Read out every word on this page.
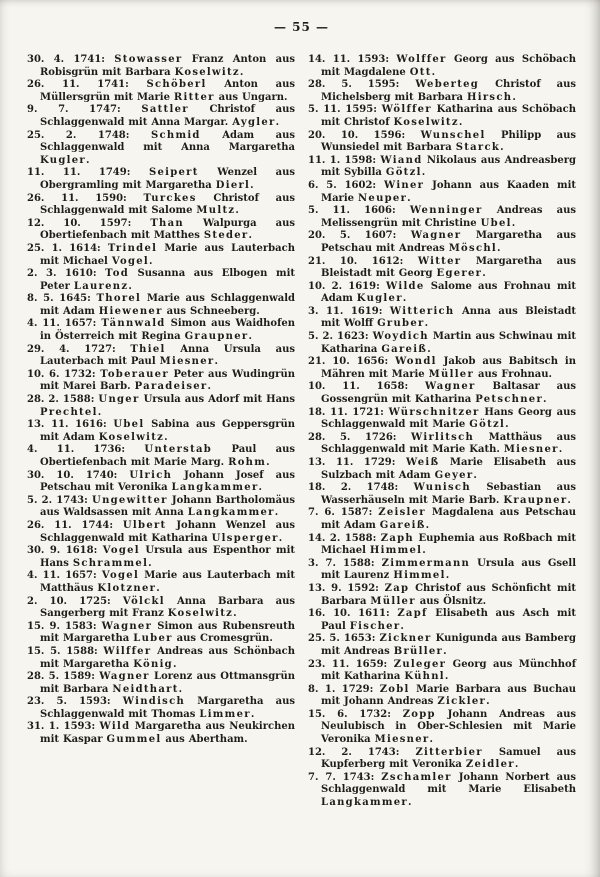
— 55 —

30. 4. 1741: Stowasser Franz Anton aus Robisgrün mit Barbara Koselwitz.

26. 11. 1741: Schöberl Anton aus Müllersgrün mit Marie Ritter aus Ungarn.

9. 7. 1747: Sattler Christof aus Schlaggenwald mit Anna Margar. Aygler.

25. 2. 1748: Schmid Adam aus Schlaggenwald mit Anna Margaretha Kugler.

11. 11. 1749: Seipert Wenzel aus Obergramling mit Margaretha Dierl.

26. 11. 1590: Turckes Christof aus Schlaggenwald mit Salome Multz.

12. 10. 1597: Than Walpurga aus Obertiefenbach mit Matthes Steder.

25. 1. 1614: Trindel Marie aus Lauterbach mit Michael Vogel.

2. 3. 1610: Tod Susanna aus Elbogen mit Peter Laurenz.

8. 5. 1645: Thorel Marie aus Schlaggenwald mit Adam Hiewener aus Schneeberg.

4. 11. 1657: Tännwald Simon aus Waidhofen in Österreich mit Regina Graupner.

29. 4. 1727: Thiel Anna Ursula aus Lauterbach mit Paul Miesner.

10. 6. 1732: Toberauer Peter aus Wudingrün mit Marei Barb. Paradeiser.

28. 2. 1588: Unger Ursula aus Adorf mit Hans Prechtel.

13. 11. 1616: Ubel Sabina aus Geppersgrün mit Adam Koselwitz.

4. 11. 1736: Unterstab Paul aus Obertiefenbach mit Marie Marg. Rohm.

30. 10. 1740: Ulrich Johann Josef aus Petschau mit Veronika Langkammer.

5. 2. 1743: Ungewitter Johann Bartholomäus aus Waldsassen mit Anna Langkammer.

26. 11. 1744: Ulbert Johann Wenzel aus Schlaggenwald mit Katharina Ulsperger.

30. 9. 1618: Vogel Ursula aus Espenthor mit Hans Schrammel.

4. 11. 1657: Vogel Marie aus Lauterbach mit Matthäus Klotzner.

2. 10. 1725: Völckl Anna Barbara aus Sangerberg mit Franz Koselwitz.

15. 9. 1583: Wagner Simon aus Rubensreuth mit Margaretha Luber aus Cromesgrün.

15. 5. 1588: Wilffer Andreas aus Schönbach mit Margaretha König.

28. 5. 1589: Wagner Lorenz aus Ottmansgrün mit Barbara Neidthart.

23. 5. 1593: Windisch Margaretha aus Schlaggenwald mit Thomas Limmer.

31. 1. 1593: Wild Margaretha aus Neukirchen mit Kaspar Gummel aus Abertham.

14. 11. 1593: Wolffer Georg aus Schöbach mit Magdalene Ott.

28. 5. 1595: Weberteg Christof aus Michelsberg mit Barbara Hirsch.

5. 11. 1595: Wölffer Katharina aus Schöbach mit Christof Koselwitz.

20. 10. 1596: Wunschel Philipp aus Wunsiedel mit Barbara Starck.

11. 1. 1598: Wiand Nikolaus aus Andreasberg mit Sybilla Götzl.

6. 5. 1602: Winer Johann aus Kaaden mit Marie Neuper.

5. 11. 1606: Wenninger Andreas aus Melissengrün mit Christine Ubel.

20. 5. 1607: Wagner Margaretha aus Petschau mit Andreas Möschl.

21. 10. 1612: Witter Margaretha aus Bleistadt mit Georg Egerer.

10. 2. 1619: Wilde Salome aus Frohnau mit Adam Kugler.

3. 11. 1619: Witterich Anna aus Bleistadt mit Wolff Gruber.

5. 2. 1623: Woydich Martin aus Schwinau mit Katharina Gareiß.

21. 10. 1656: Wondl Jakob aus Babitsch in Mähren mit Marie Müller aus Frohnau.

10. 11. 1658: Wagner Baltasar aus Gossengrün mit Katharina Petschner.

18. 11. 1721: Würschnitzer Hans Georg aus Schlaggenwald mit Marie Götzl.

28. 5. 1726: Wirlitsch Matthäus aus Schlaggenwald mit Marie Kath. Miesner.

13. 11. 1729: Weiß Marie Elisabeth aus Sulzbach mit Adam Geyer.

18. 2. 1748: Wunisch Sebastian aus Wasserhäuseln mit Marie Barb. Kraupner.

7. 6. 1587: Zeisler Magdalena aus Petschau mit Adam Gareiß.

14. 2. 1588: Zaph Euphemia aus Roßbach mit Michael Himmel.

3. 7. 1588: Zimmermann Ursula aus Gsell mit Laurenz Himmel.

13. 9. 1592: Zap Christof aus Schönficht mit Barbara Müller aus Ölsnitz.

16. 10. 1611: Zapf Elisabeth aus Asch mit Paul Fischer.

25. 5. 1653: Zickner Kunigunda aus Bamberg mit Andreas Brüller.

23. 11. 1659: Zuleger Georg aus Münchhof mit Katharina Kühnl.

8. 1. 1729: Zobl Marie Barbara aus Buchau mit Johann Andreas Zickler.

15. 6. 1732: Zopp Johann Andreas aus Neulubisch in Ober-Schlesien mit Marie Veronika Miesner.

12. 2. 1743: Zitterbier Samuel aus Kupferberg mit Veronika Zeidler.

7. 7. 1743: Zschamler Johann Norbert aus Schlaggenwald mit Marie Elisabeth Langkammer.
